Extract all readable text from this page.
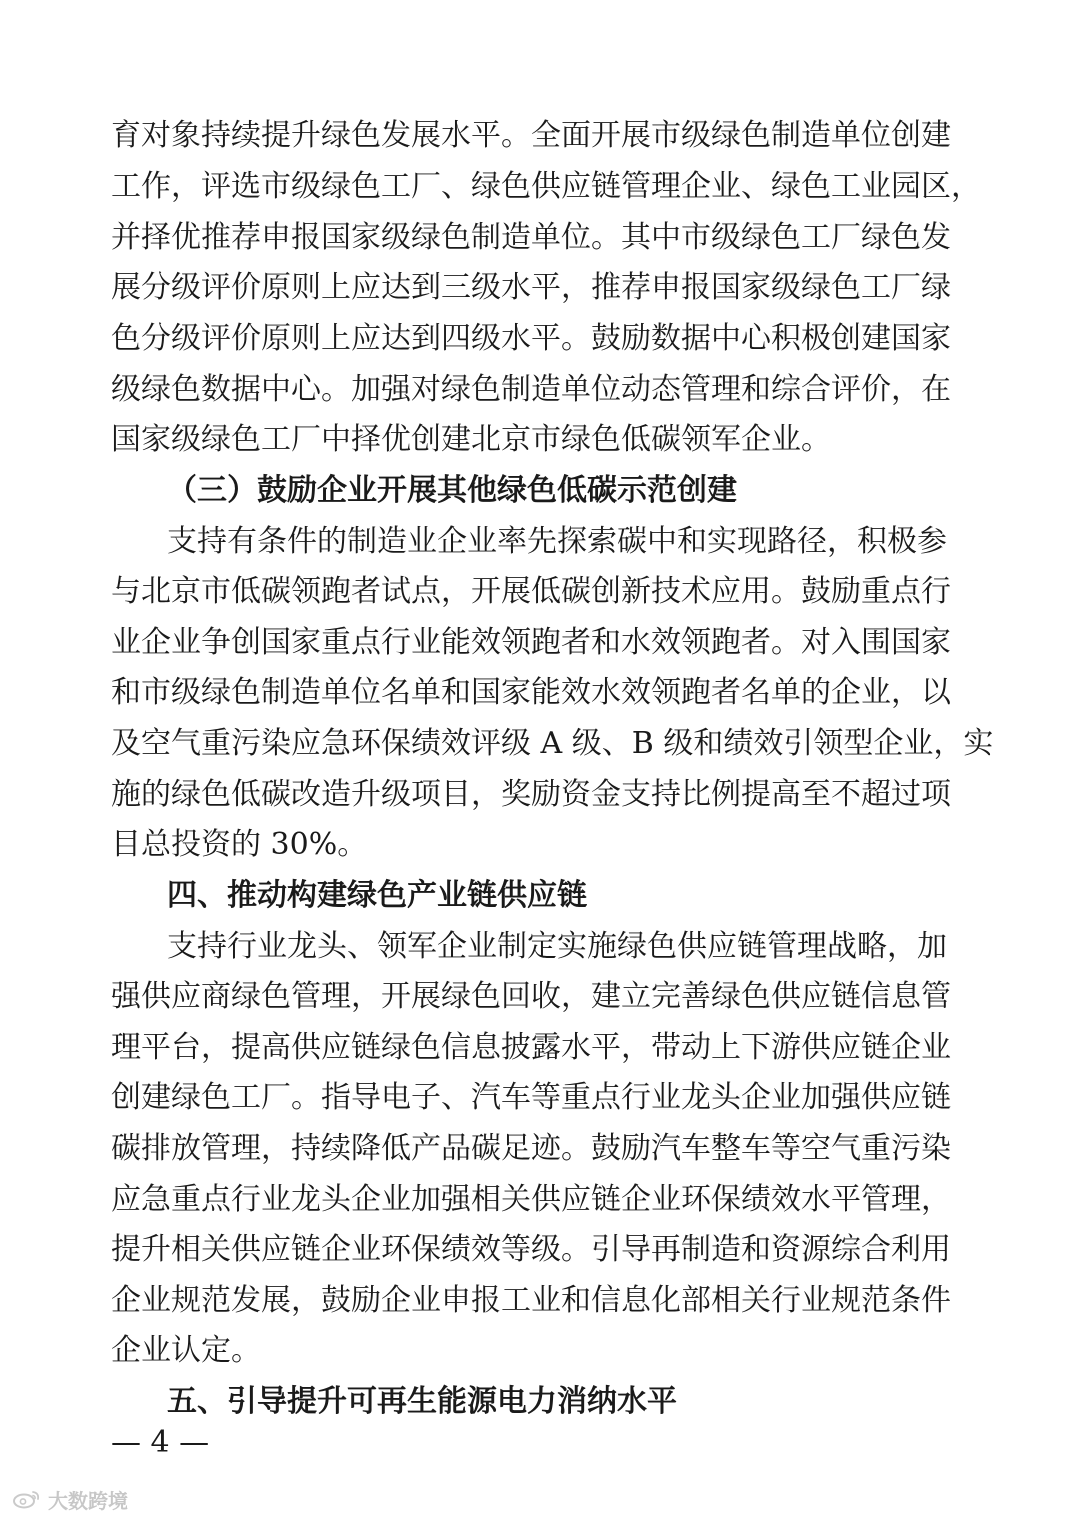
育对象持续提升绿色发展水平。全面开展市级绿色制造单位创建
工作，评选市级绿色工厂、绿色供应链管理企业、绿色工业园区，
并择优推荐申报国家级绿色制造单位。其中市级绿色工厂绿色发
展分级评价原则上应达到三级水平，推荐申报国家级绿色工厂绿
色分级评价原则上应达到四级水平。鼓励数据中心积极创建国家
级绿色数据中心。加强对绿色制造单位动态管理和综合评价，在
国家级绿色工厂中择优创建北京市绿色低碳领军企业。
（三）鼓励企业开展其他绿色低碳示范创建
支持有条件的制造业企业率先探索碳中和实现路径，积极参
与北京市低碳领跑者试点，开展低碳创新技术应用。鼓励重点行
业企业争创国家重点行业能效领跑者和水效领跑者。对入围国家
和市级绿色制造单位名单和国家能效水效领跑者名单的企业，以
及空气重污染应急环保绩效评级 A 级、B 级和绩效引领型企业，实
施的绿色低碳改造升级项目，奖励资金支持比例提高至不超过项
目总投资的 30%。
四、推动构建绿色产业链供应链
支持行业龙头、领军企业制定实施绿色供应链管理战略，加
强供应商绿色管理，开展绿色回收，建立完善绿色供应链信息管
理平台，提高供应链绿色信息披露水平，带动上下游供应链企业
创建绿色工厂。指导电子、汽车等重点行业龙头企业加强供应链
碳排放管理，持续降低产品碳足迹。鼓励汽车整车等空气重污染
应急重点行业龙头企业加强相关供应链企业环保绩效水平管理，
提升相关供应链企业环保绩效等级。引导再制造和资源综合利用
企业规范发展，鼓励企业申报工业和信息化部相关行业规范条件
企业认定。
五、引导提升可再生能源电力消纳水平
— 4 —
大数跨境
